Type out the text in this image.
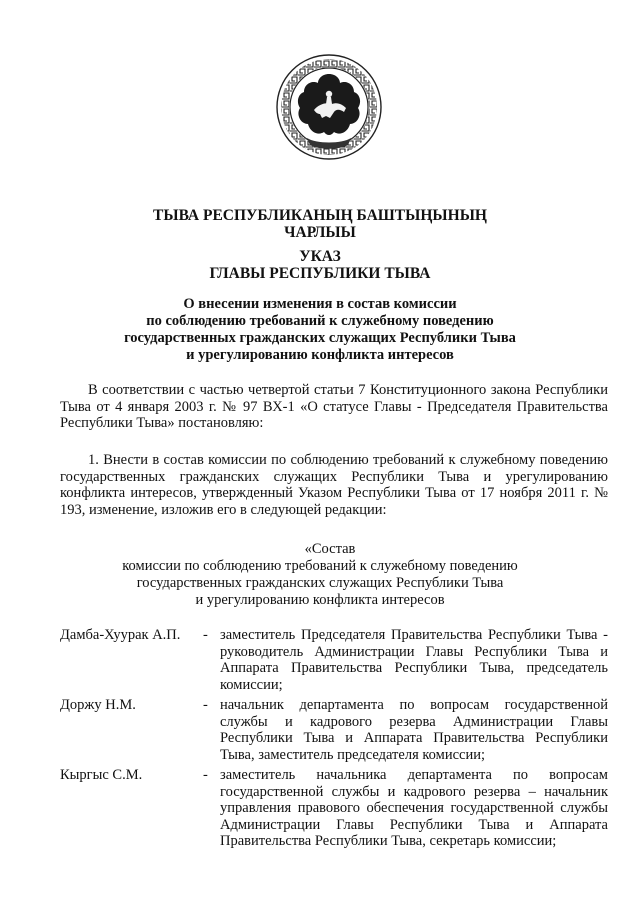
ТЫВА РЕСПУБЛИКАНЫҢ БАШТЫҢЫНЫҢ
ЧАРЛЫЫ
УКАЗ
ГЛАВЫ РЕСПУБЛИКИ ТЫВА
О внесении изменения в состав комиссии
по соблюдению требований к служебному поведению
государственных гражданских служащих Республики Тыва
и урегулированию конфликта интересов
В соответствии с частью четвертой статьи 7 Конституционного закона Республики Тыва от 4 января 2003 г. № 97 ВХ-1 «О статусе Главы - Председателя Правительства Республики Тыва» постановляю:
1. Внести в состав комиссии по соблюдению требований к служебному поведению государственных гражданских служащих Республики Тыва и урегулированию конфликта интересов, утвержденный Указом Республики Тыва от 17 ноября 2011 г. № 193, изменение, изложив его в следующей редакции:
«Состав
комиссии по соблюдению требований к служебному поведению
государственных гражданских служащих Республики Тыва
и урегулированию конфликта интересов
Дамба-Хуурак А.П. - заместитель Председателя Правительства Республики Тыва - руководитель Администрации Главы Республики Тыва и Аппарата Правительства Республики Тыва, председатель комиссии;
Доржу Н.М.	- начальник департамента по вопросам государственной службы и кадрового резерва Администрации Главы Республики Тыва и Аппарата Правительства Республики Тыва, заместитель председателя комиссии;
Кыргыс С.М.	- заместитель начальника департамента по вопросам государственной службы и кадрового резерва – начальник управления правового обеспечения государственной службы Администрации Главы Республики Тыва и Аппарата Правительства Республики Тыва, секретарь комиссии;
